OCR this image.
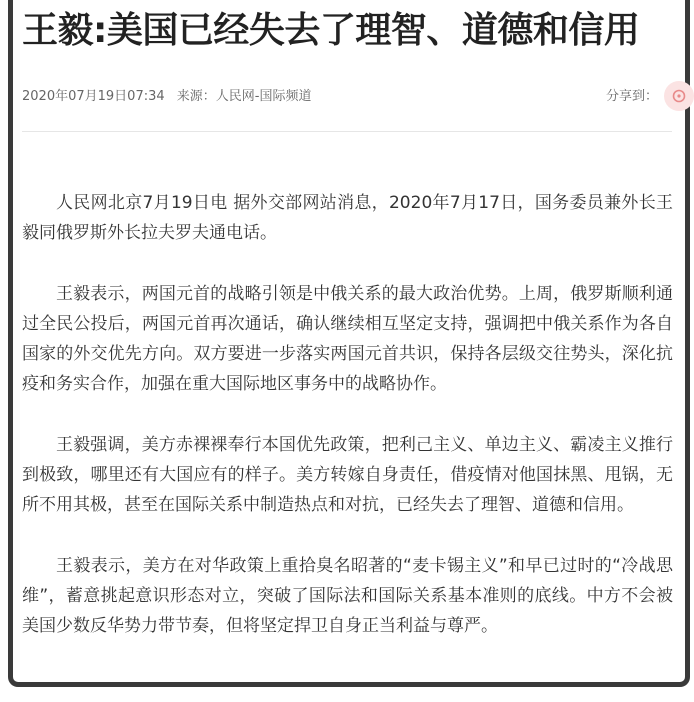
王毅:美国已经失去了理智、道德和信用
2020年07月19日07:34 来源：人民网-国际频道	分享到：

人民网北京7月19日电 据外交部网站消息，2020年7月17日，国务委员兼外长王毅同俄罗斯外长拉夫罗夫通电话。

王毅表示，两国元首的战略引领是中俄关系的最大政治优势。上周，俄罗斯顺利通过全民公投后，两国元首再次通话，确认继续相互坚定支持，强调把中俄关系作为各自国家的外交优先方向。双方要进一步落实两国元首共识，保持各层级交往势头，深化抗疫和务实合作，加强在重大国际地区事务中的战略协作。

王毅强调，美方赤裸裸奉行本国优先政策，把利己主义、单边主义、霸凌主义推行到极致，哪里还有大国应有的样子。美方转嫁自身责任，借疫情对他国抹黑、甩锅，无所不用其极，甚至在国际关系中制造热点和对抗，已经失去了理智、道德和信用。

王毅表示，美方在对华政策上重拾臭名昭著的“麦卡锡主义”和早已过时的“冷战思维”，蓄意挑起意识形态对立，突破了国际法和国际关系基本准则的底线。中方不会被美国少数反华势力带节奏，但将坚定捍卫自身正当利益与尊严。
